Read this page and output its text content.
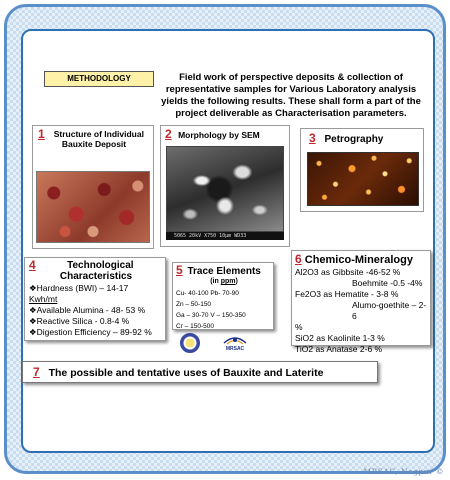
METHODOLOGY	Field work of perspective deposits & collection of representative samples for Various Laboratory analysis yields the following results. These shall form a part of the project deliverable as Characterisation parameters.
1	Structure of Individual Bauxite Deposit
2 Morphology by SEM
5065 20kV X750 10µm WD33
3 Petrography
4	Technological Characteristics
❖Hardness (BWI) – 14-17
Kwh/mt
❖Available Alumina - 48- 53 %
❖Reactive Silica - 0.8-4 %
❖Digestion Efficiency – 89-92 %
5 Trace Elements
(in ppm)
Cu- 40-100 Pb- 70-90
Zn – 50-150
Ga – 30-70 V – 150-350
Cr – 150-500
MRSAC
6 Chemico-Mineralogy
Al2O3 as Gibbsite -46-52 %
Boehmite -0.5 -4%
Fe2O3 as Hematite - 3-8 %
Alumo-goethite – 2-6
%
SiO2 as Kaolinite 1-3 %
TiO2 as Anatase 2-6 %
7 The possible and tentative uses of Bauxite and Laterite
MRSAC, Nagpur ©
